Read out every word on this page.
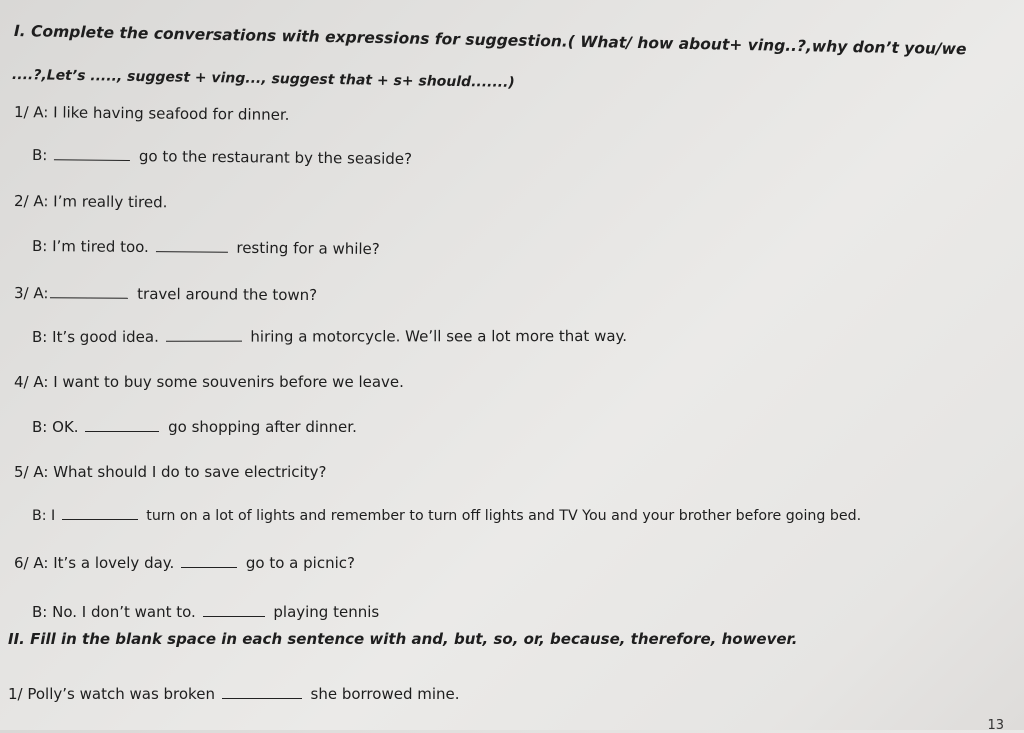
I. Complete the conversations with expressions for suggestion.( What/ how about+ ving..?,why don’t you/we
....?,Let’s ....., suggest + ving..., suggest that + s+ should.......)
1/ A: I like having seafood for dinner.
B:	go to the restaurant by the seaside?
2/ A: I’m really tired.
B: I’m tired too.	resting for a while?
3/ A:	travel around the town?
B: It’s good idea.	hiring a motorcycle. We’ll see a lot more that way.
4/ A: I want to buy some souvenirs before we leave.
B: OK.	go shopping after dinner.
5/ A: What should I do to save electricity?
B: I	turn on a lot of lights and remember to turn off lights and TV You and your brother before going bed.
6/ A: It’s a lovely day.	go to a picnic?
B: No. I don’t want to.	playing tennis
II. Fill in the blank space in each sentence with and, but, so, or, because, therefore, however.
1/ Polly’s watch was broken	she borrowed mine.
13
